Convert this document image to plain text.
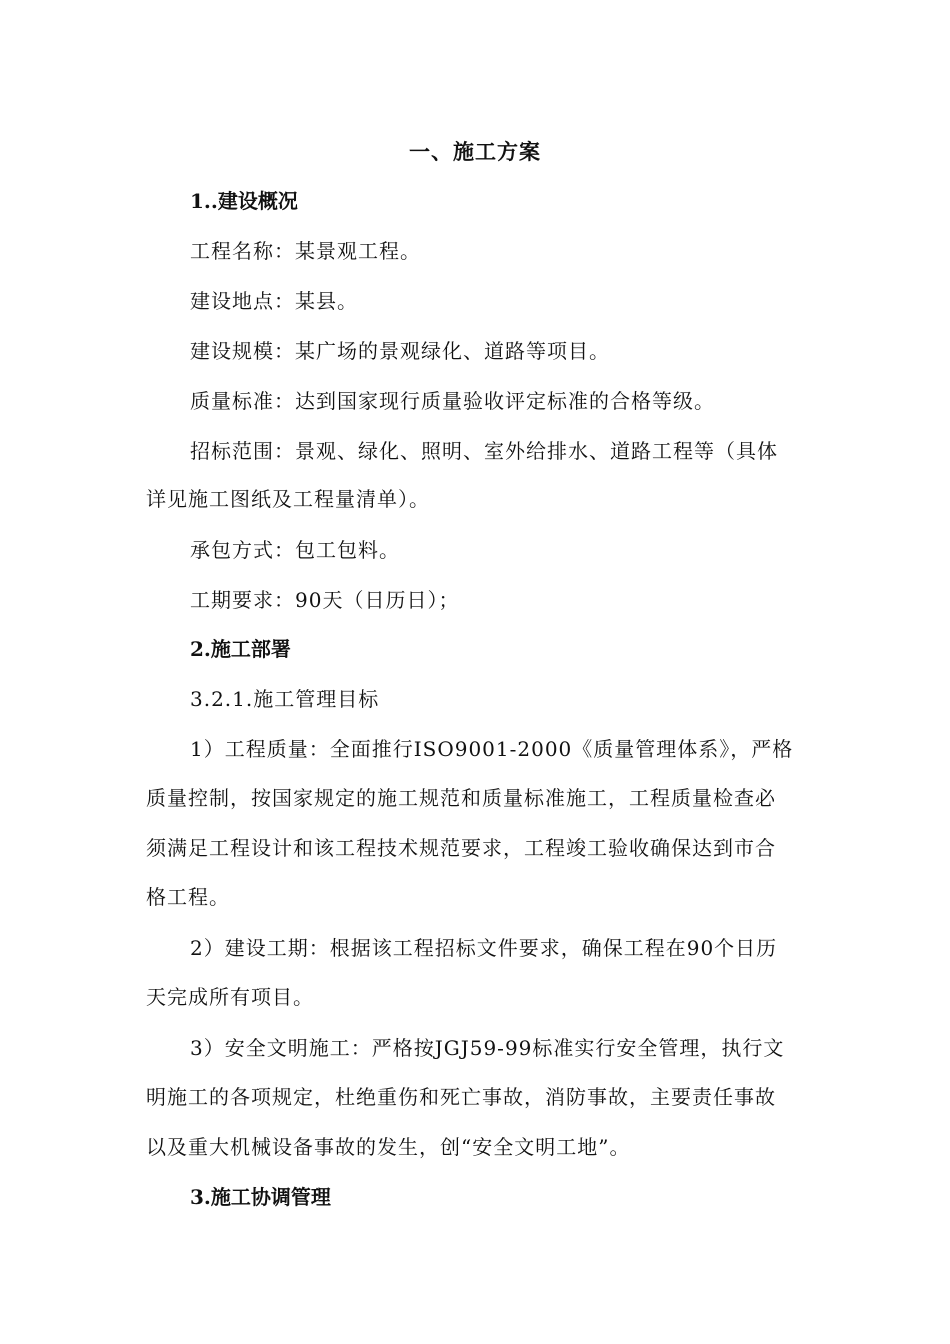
一、施工方案
1..建设概况
工程名称：某景观工程。
建设地点：某县。
建设规模：某广场的景观绿化、道路等项目。
质量标准：达到国家现行质量验收评定标准的合格等级。
招标范围：景观、绿化、照明、室外给排水、道路工程等（具体
详见施工图纸及工程量清单）。
承包方式：包工包料。
工期要求：90天（日历日）；
2.施工部署
3.2.1.施工管理目标
1）工程质量：全面推行ISO9001-2000《质量管理体系》，严格
质量控制，按国家规定的施工规范和质量标准施工，工程质量检查必
须满足工程设计和该工程技术规范要求，工程竣工验收确保达到市合
格工程。
2）建设工期：根据该工程招标文件要求，确保工程在90个日历
天完成所有项目。
3）安全文明施工：严格按JGJ59-99标准实行安全管理，执行文
明施工的各项规定，杜绝重伤和死亡事故，消防事故，主要责任事故
以及重大机械设备事故的发生，创“安全文明工地”。
3.施工协调管理
